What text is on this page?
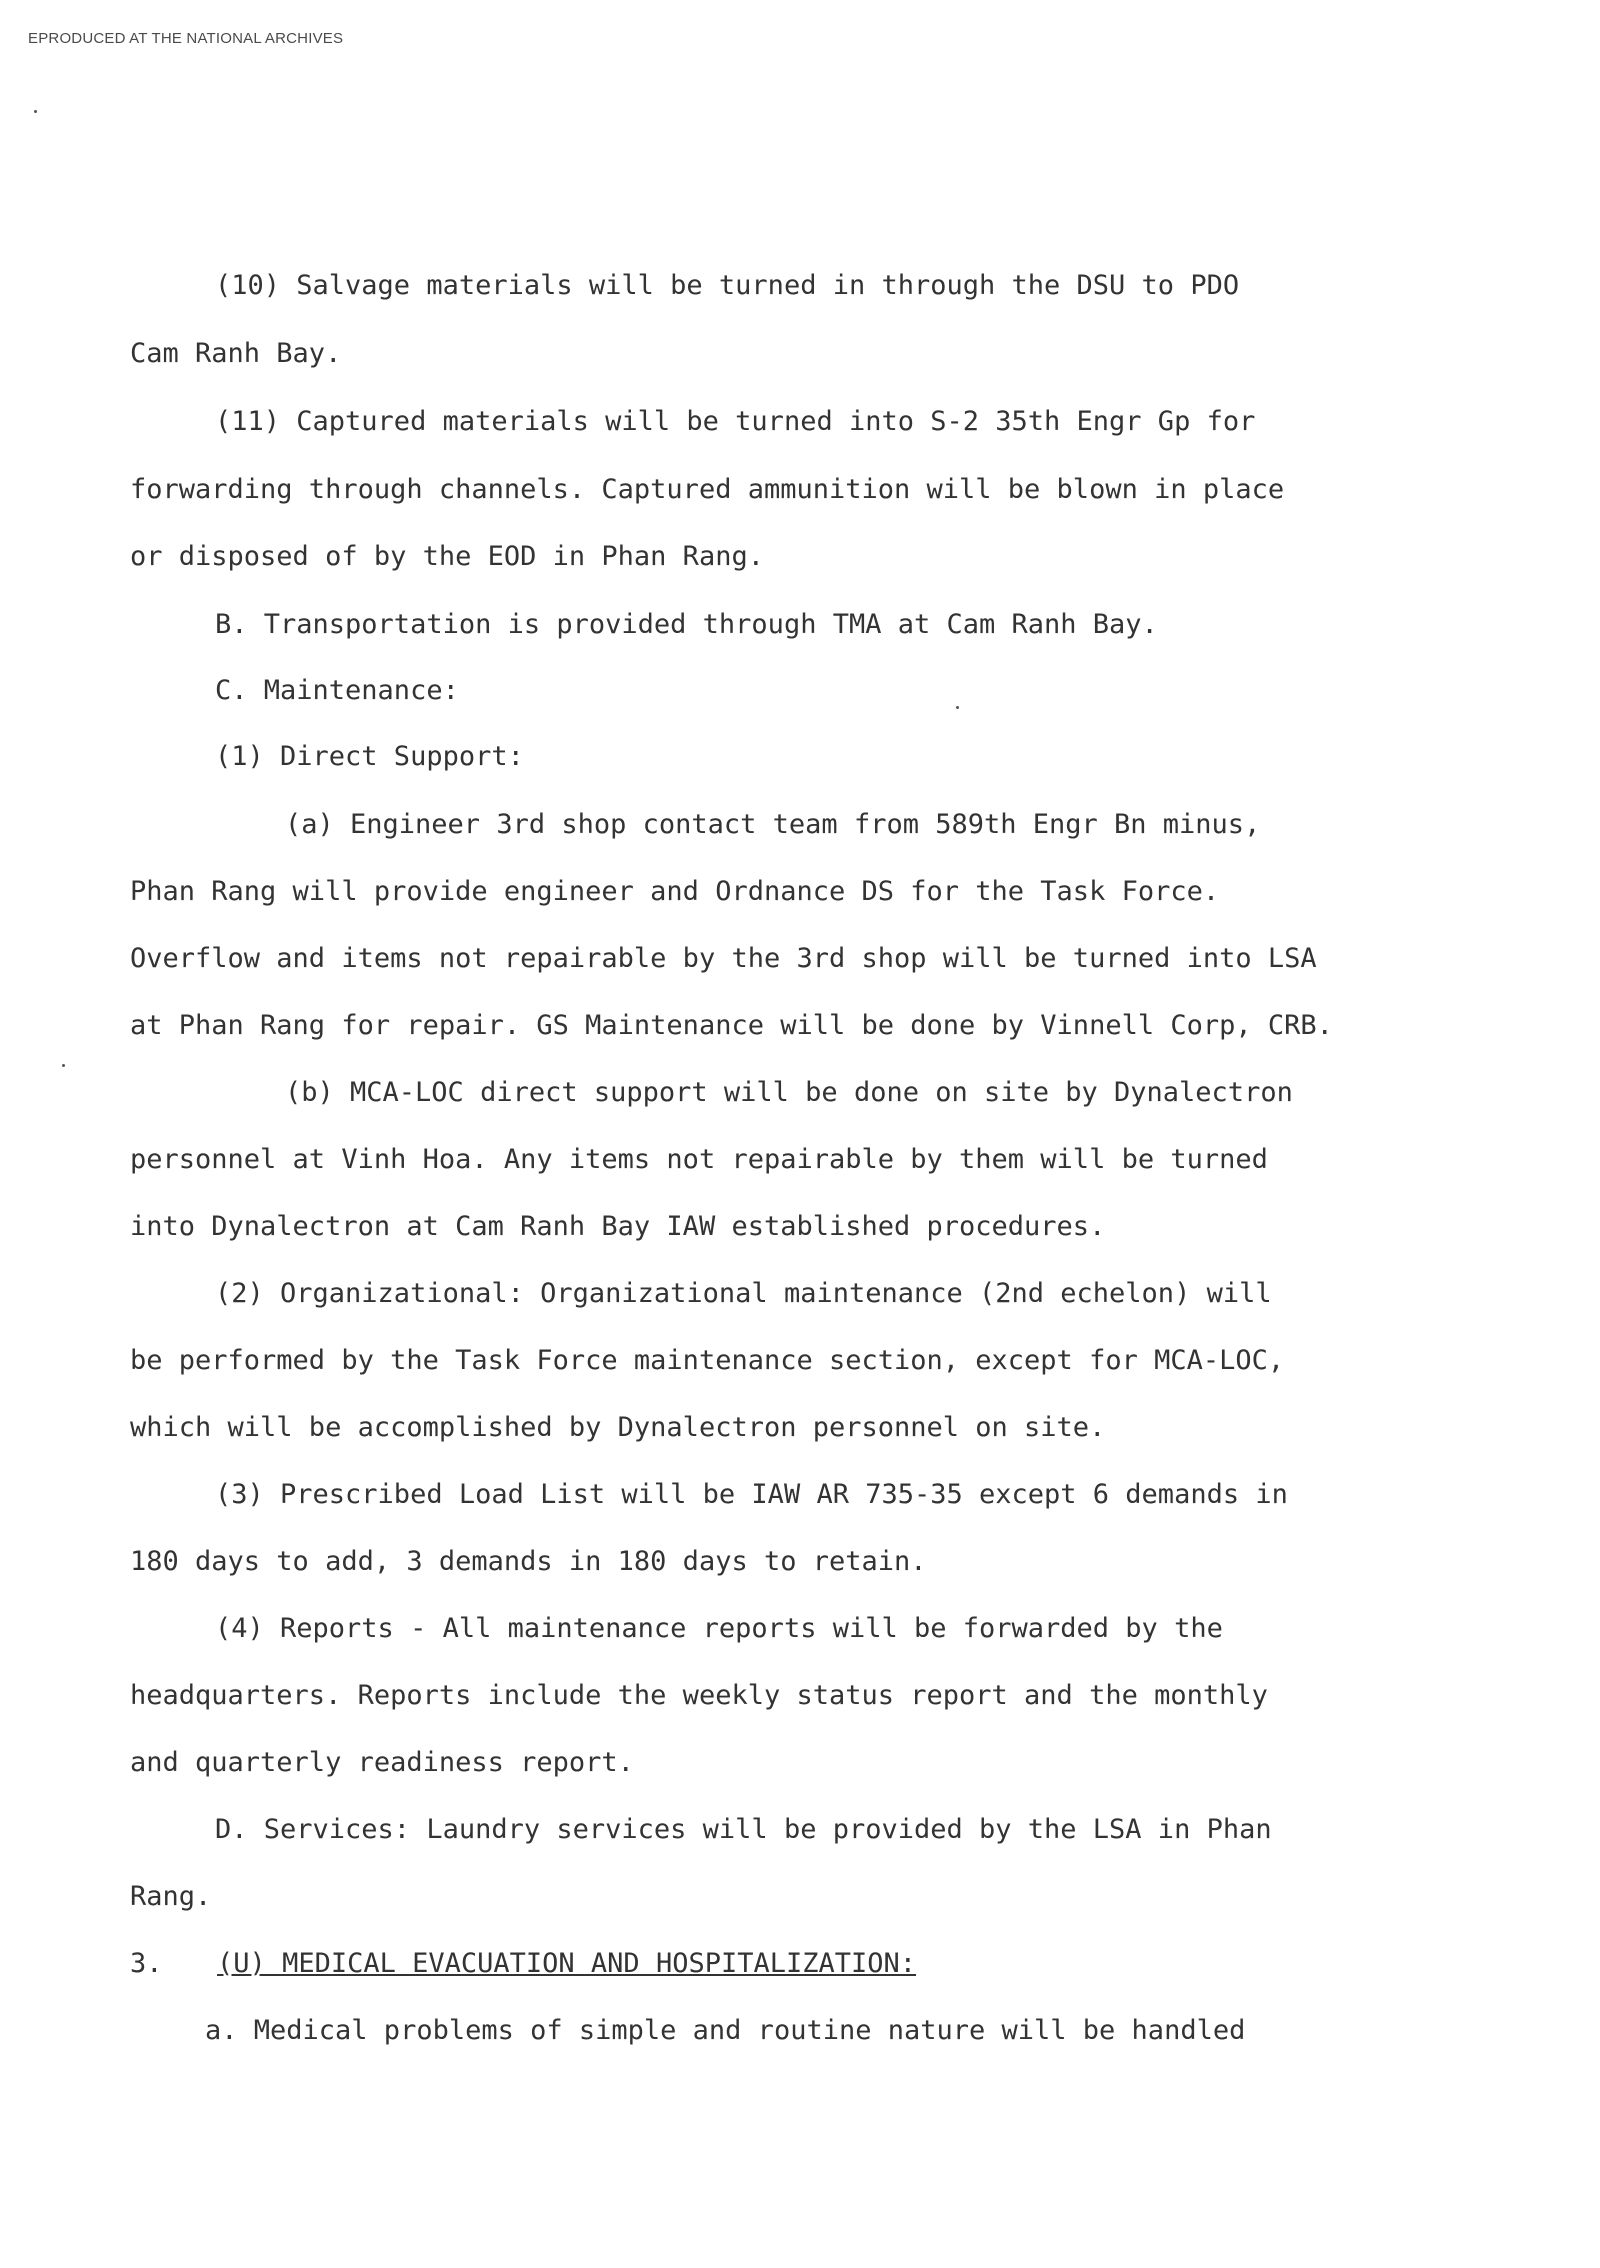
EPRODUCED AT THE NATIONAL ARCHIVES
(10) Salvage materials will be turned in through the DSU to PDO
Cam Ranh Bay.
(11) Captured materials will be turned into S-2 35th Engr Gp for
forwarding through channels. Captured ammunition will be blown in place
or disposed of by the EOD in Phan Rang.
B. Transportation is provided through TMA at Cam Ranh Bay.
C. Maintenance:
(1) Direct Support:
(a) Engineer 3rd shop contact team from 589th Engr Bn minus,
Phan Rang will provide engineer and Ordnance DS for the Task Force.
Overflow and items not repairable by the 3rd shop will be turned into LSA
at Phan Rang for repair. GS Maintenance will be done by Vinnell Corp, CRB.
(b) MCA-LOC direct support will be done on site by Dynalectron
personnel at Vinh Hoa. Any items not repairable by them will be turned
into Dynalectron at Cam Ranh Bay IAW established procedures.
(2) Organizational: Organizational maintenance (2nd echelon) will
be performed by the Task Force maintenance section, except for MCA-LOC,
which will be accomplished by Dynalectron personnel on site.
(3) Prescribed Load List will be IAW AR 735-35 except 6 demands in
180 days to add, 3 demands in 180 days to retain.
(4) Reports - All maintenance reports will be forwarded by the
headquarters. Reports include the weekly status report and the monthly
and quarterly readiness report.
D. Services: Laundry services will be provided by the LSA in Phan
Rang.
3. (U) MEDICAL EVACUATION AND HOSPITALIZATION:
a. Medical problems of simple and routine nature will be handled
